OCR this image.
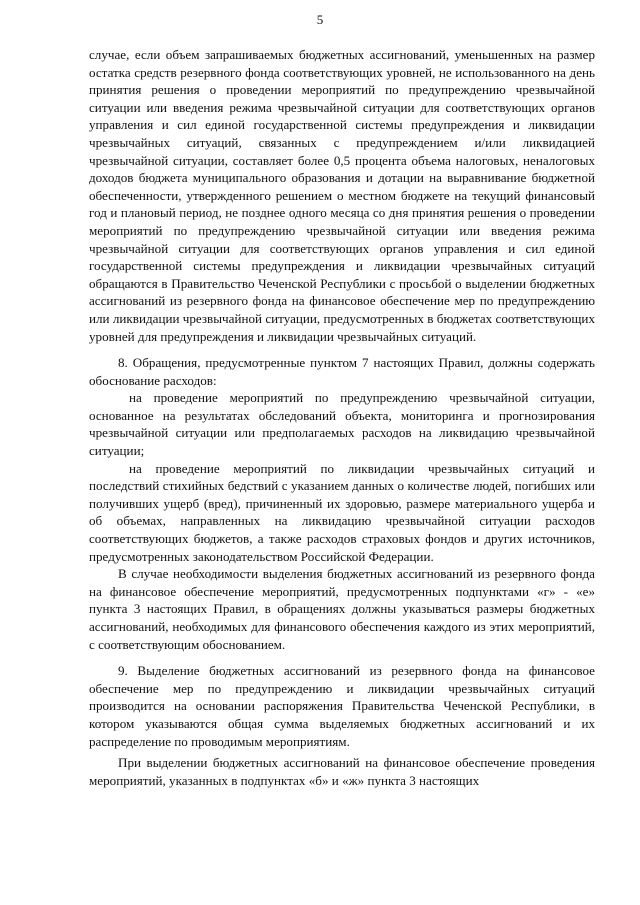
5

случае, если объем запрашиваемых бюджетных ассигнований, уменьшенных на размер остатка средств резервного фонда соответствующих уровней, не использованного на день принятия решения о проведении мероприятий по предупреждению чрезвычайной ситуации или введения режима чрезвычайной ситуации для соответствующих органов управления и сил единой государственной системы предупреждения и ликвидации чрезвычайных ситуаций, связанных с предупреждением и/или ликвидацией чрезвычайной ситуации, составляет более 0,5 процента объема налоговых, неналоговых доходов бюджета муниципального образования и дотации на выравнивание бюджетной обеспеченности, утвержденного решением о местном бюджете на текущий финансовый год и плановый период, не позднее одного месяца со дня принятия решения о проведении мероприятий по предупреждению чрезвычайной ситуации или введения режима чрезвычайной ситуации для соответствующих органов управления и сил единой государственной системы предупреждения и ликвидации чрезвычайных ситуаций обращаются в Правительство Чеченской Республики с просьбой о выделении бюджетных ассигнований из резервного фонда на финансовое обеспечение мер по предупреждению или ликвидации чрезвычайной ситуации, предусмотренных в бюджетах соответствующих уровней для предупреждения и ликвидации чрезвычайных ситуаций.

8. Обращения, предусмотренные пунктом 7 настоящих Правил, должны содержать обоснование расходов:

на проведение мероприятий по предупреждению чрезвычайной ситуации, основанное на результатах обследований объекта, мониторинга и прогнозирования чрезвычайной ситуации или предполагаемых расходов на ликвидацию чрезвычайной ситуации;

на проведение мероприятий по ликвидации чрезвычайных ситуаций и последствий стихийных бедствий с указанием данных о количестве людей, погибших или получивших ущерб (вред), причиненный их здоровью, размере материального ущерба и об объемах, направленных на ликвидацию чрезвычайной ситуации расходов соответствующих бюджетов, а также расходов страховых фондов и других источников, предусмотренных законодательством Российской Федерации.

В случае необходимости выделения бюджетных ассигнований из резервного фонда на финансовое обеспечение мероприятий, предусмотренных подпунктами «г» - «е» пункта 3 настоящих Правил, в обращениях должны указываться размеры бюджетных ассигнований, необходимых для финансового обеспечения каждого из этих мероприятий, с соответствующим обоснованием.

9. Выделение бюджетных ассигнований из резервного фонда на финансовое обеспечение мер по предупреждению и ликвидации чрезвычайных ситуаций производится на основании распоряжения Правительства Чеченской Республики, в котором указываются общая сумма выделяемых бюджетных ассигнований и их распределение по проводимым мероприятиям.

При выделении бюджетных ассигнований на финансовое обеспечение проведения мероприятий, указанных в подпунктах «б» и «ж» пункта 3 настоящих
